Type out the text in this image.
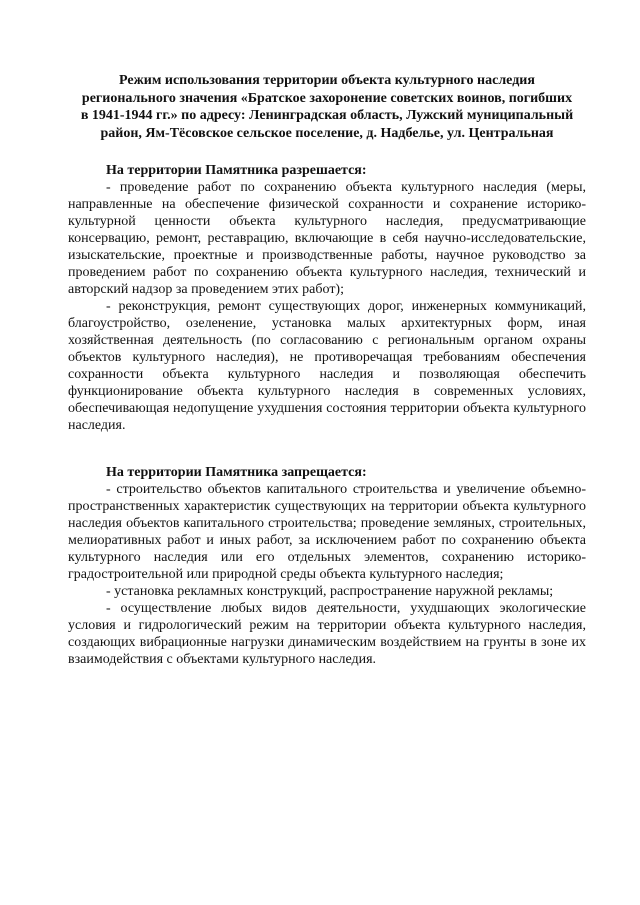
Режим использования территории объекта культурного наследия
регионального значения «Братское захоронение советских воинов, погибших
в 1941-1944 гг.» по адресу: Ленинградская область, Лужский муниципальный
район, Ям-Тёсовское сельское поселение, д. Надбелье, ул. Центральная
На территории Памятника разрешается:

- проведение работ по сохранению объекта культурного наследия (меры, направленные на обеспечение физической сохранности и сохранение историко-культурной ценности объекта культурного наследия, предусматривающие консервацию, ремонт, реставрацию, включающие в себя научно-исследовательские, изыскательские, проектные и производственные работы, научное руководство за проведением работ по сохранению объекта культурного наследия, технический и авторский надзор за проведением этих работ);

- реконструкция, ремонт существующих дорог, инженерных коммуникаций, благоустройство, озеленение, установка малых архитектурных форм, иная хозяйственная деятельность (по согласованию с региональным органом охраны объектов культурного наследия), не противоречащая требованиям обеспечения сохранности объекта культурного наследия и позволяющая обеспечить функционирование объекта культурного наследия в современных условиях, обеспечивающая недопущение ухудшения состояния территории объекта культурного наследия.

На территории Памятника запрещается:

- строительство объектов капитального строительства и увеличение объемно-пространственных характеристик существующих на территории объекта культурного наследия объектов капитального строительства; проведение земляных, строительных, мелиоративных работ и иных работ, за исключением работ по сохранению объекта культурного наследия или его отдельных элементов, сохранению историко-градостроительной или природной среды объекта культурного наследия;

- установка рекламных конструкций, распространение наружной рекламы;

- осуществление любых видов деятельности, ухудшающих экологические условия и гидрологический режим на территории объекта культурного наследия, создающих вибрационные нагрузки динамическим воздействием на грунты в зоне их взаимодействия с объектами культурного наследия.
